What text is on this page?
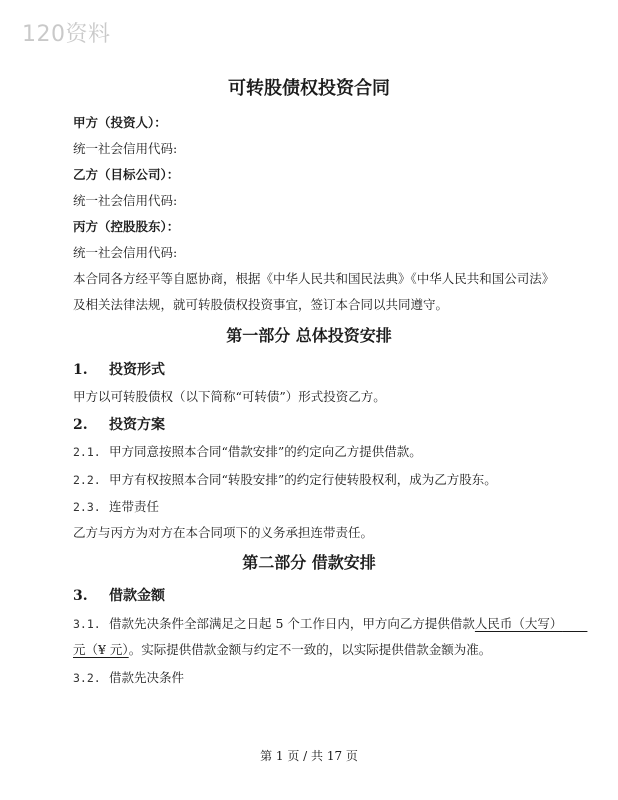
120资料
可转股债权投资合同
甲方（投资人）：
统一社会信用代码:
乙方（目标公司）：
统一社会信用代码:
丙方（控股股东）：
统一社会信用代码:
本合同各方经平等自愿协商，根据《中华人民共和国民法典》《中华人民共和国公司法》
及相关法律法规，就可转股债权投资事宜，签订本合同以共同遵守。
第一部分 总体投资安排
1. 投资形式
甲方以可转股债权（以下简称“可转债”）形式投资乙方。
2. 投资方案
2.1. 甲方同意按照本合同“借款安排”的约定向乙方提供借款。
2.2. 甲方有权按照本合同“转股安排”的约定行使转股权利，成为乙方股东。
2.3. 连带责任
乙方与丙方为对方在本合同项下的义务承担连带责任。
第二部分 借款安排
3. 借款金额
3.1. 借款先决条件全部满足之日起 5 个工作日内，甲方向乙方提供借款人民币（大写）  
元（¥ 元）。实际提供借款金额与约定不一致的，以实际提供借款金额为准。
3.2. 借款先决条件
第 1 页 / 共 17 页
